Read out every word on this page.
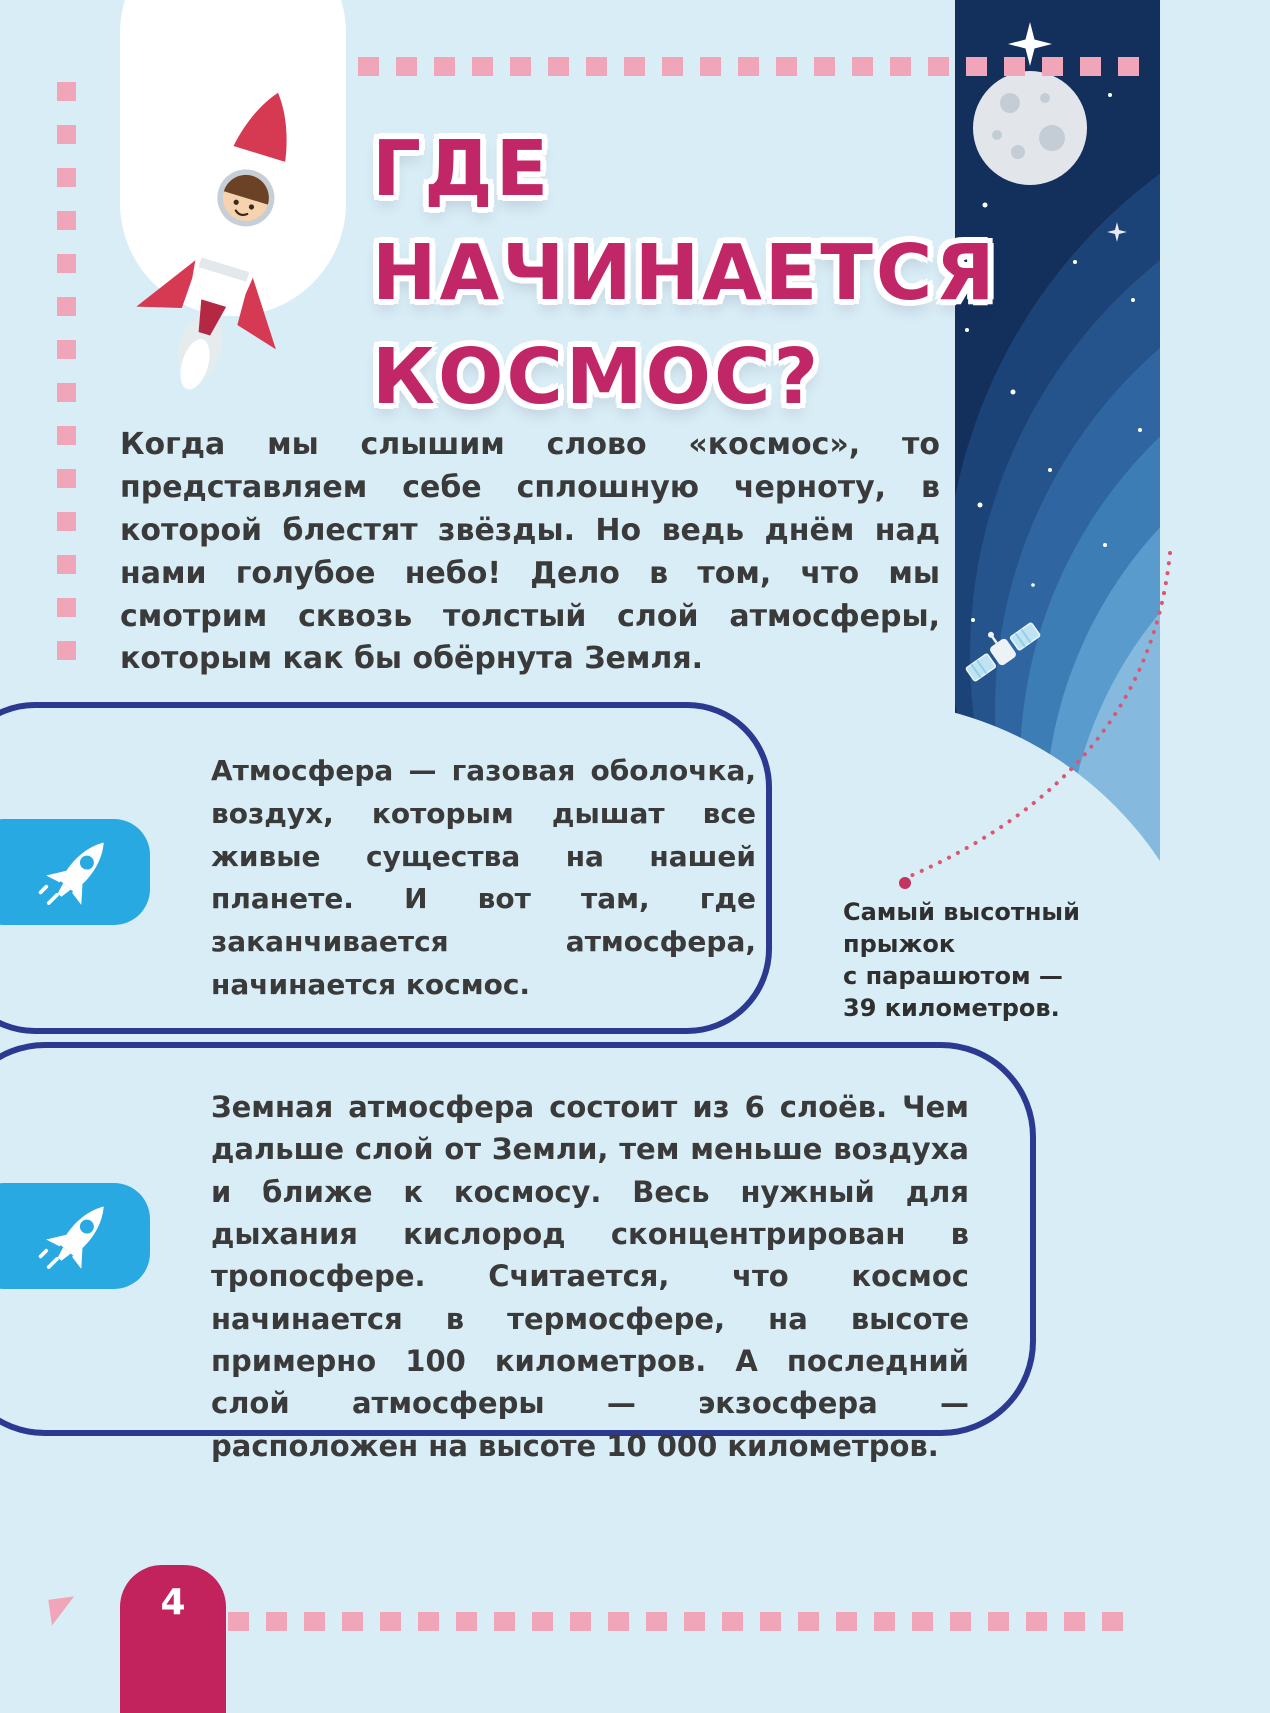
ГДЕ
НАЧИНАЕТСЯ
КОСМОС?

Когда мы слышим слово «космос», то представляем себе сплошную черноту, в которой блестят звёзды. Но ведь днём над нами голубое небо! Дело в том, что мы смотрим сквозь толстый слой атмосферы, которым как бы обёрнута Земля.

Атмосфера — газовая оболочка, воздух, которым дышат все живые существа на нашей планете. И вот там, где заканчивается атмосфера, начинается космос.

Самый высотный
прыжок
с парашютом —
39 километров.

Земная атмосфера состоит из 6 слоёв. Чем дальше слой от Земли, тем меньше воздуха и ближе к космосу. Весь нужный для дыхания кислород сконцентрирован в тропосфере. Считается, что космос начинается в термосфере, на высоте примерно 100 километров. А последний слой атмосферы — экзосфера — расположен на высоте 10 000 километров.

4
